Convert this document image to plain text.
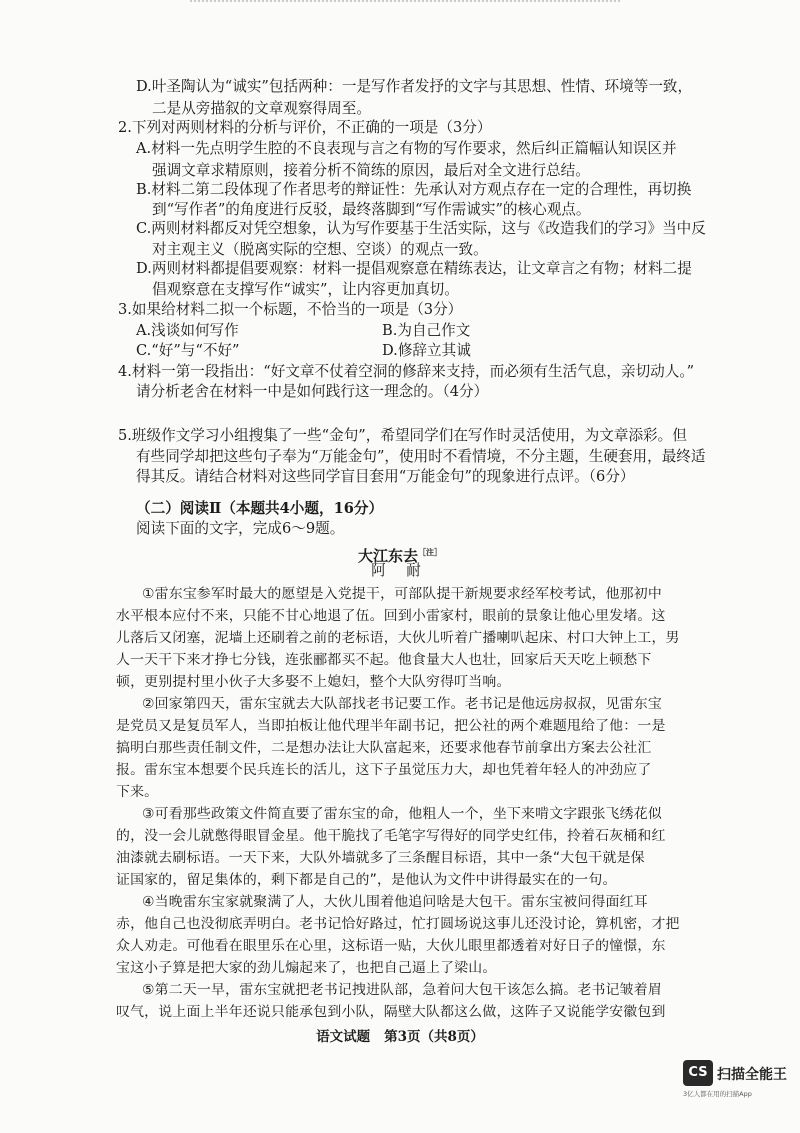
D.叶圣陶认为“诚实”包括两种：一是写作者发抒的文字与其思想、性情、环境等一致，
二是从旁描叙的文章观察得周至。
2.下列对两则材料的分析与评价，不正确的一项是（3分）
A.材料一先点明学生腔的不良表现与言之有物的写作要求，然后纠正篇幅认知误区并
强调文章求精原则，接着分析不简练的原因，最后对全文进行总结。
B.材料二第二段体现了作者思考的辩证性：先承认对方观点存在一定的合理性，再切换
到“写作者”的角度进行反驳，最终落脚到“写作需诚实”的核心观点。
C.两则材料都反对凭空想象，认为写作要基于生活实际，这与《改造我们的学习》当中反
对主观主义（脱离实际的空想、空谈）的观点一致。
D.两则材料都提倡要观察：材料一提倡观察意在精练表达，让文章言之有物；材料二提
倡观察意在支撑写作“诚实”，让内容更加真切。
3.如果给材料二拟一个标题，不恰当的一项是（3分）
A.浅谈如何写作	B.为自己作文
C.“好”与“不好”	D.修辞立其诚
4.材料一第一段指出：“好文章不仗着空洞的修辞来支持，而必须有生活气息，亲切动人。”
请分析老舍在材料一中是如何践行这一理念的。（4分）
5.班级作文学习小组搜集了一些“金句”，希望同学们在写作时灵活使用，为文章添彩。但
有些同学却把这些句子奉为“万能金句”，使用时不看情境，不分主题，生硬套用，最终适
得其反。请结合材料对这些同学盲目套用“万能金句”的现象进行点评。（6分）
（二）阅读Ⅱ（本题共4小题，16分）
阅读下面的文字，完成6～9题。
大江东去$^{[注]}$
阿 耐
①雷东宝参军时最大的愿望是入党提干，可部队提干新规要求经军校考试，他那初中
水平根本应付不来，只能不甘心地退了伍。回到小雷家村，眼前的景象让他心里发堵。这
儿落后又闭塞，泥墙上还刷着之前的老标语，大伙儿听着广播喇叭起床、村口大钟上工，男
人一天干下来才挣七分钱，连张郦都买不起。他食量大人也壮，回家后天天吃上顿愁下
顿，更别提村里小伙子大多娶不上媳妇，整个大队穷得叮当响。
②回家第四天，雷东宝就去大队部找老书记要工作。老书记是他远房叔叔，见雷东宝
是党员又是复员军人，当即拍板让他代理半年副书记，把公社的两个难题甩给了他：一是
搞明白那些责任制文件，二是想办法让大队富起来，还要求他春节前拿出方案去公社汇
报。雷东宝本想要个民兵连长的活儿，这下子虽觉压力大，却也凭着年轻人的冲劲应了
下来。
③可看那些政策文件简直要了雷东宝的命，他粗人一个，坐下来啃文字跟张飞绣花似
的，没一会儿就憋得眼冒金星。他干脆找了毛笔字写得好的同学史红伟，拎着石灰桶和红
油漆就去刷标语。一天下来，大队外墙就多了三条醒目标语，其中一条“大包干就是保
证国家的，留足集体的，剩下都是自己的”，是他认为文件中讲得最实在的一句。
④当晚雷东宝家就聚满了人，大伙儿围着他追问啥是大包干。雷东宝被问得面红耳
赤，他自己也没彻底弄明白。老书记恰好路过，忙打圆场说这事儿还没讨论，算机密，才把
众人劝走。可他看在眼里乐在心里，这标语一贴，大伙儿眼里都透着对好日子的憧憬，东
宝这小子算是把大家的劲儿煽起来了，也把自己逼上了梁山。
⑤第二天一早，雷东宝就把老书记拽进队部，急着问大包干该怎么搞。老书记皱着眉
叹气，说上面上半年还说只能承包到小队，隔壁大队都这么做，这阵子又说能学安徽包到
语文试题 第3页（共8页）
CS 扫描全能王
3亿人都在用的扫描App
